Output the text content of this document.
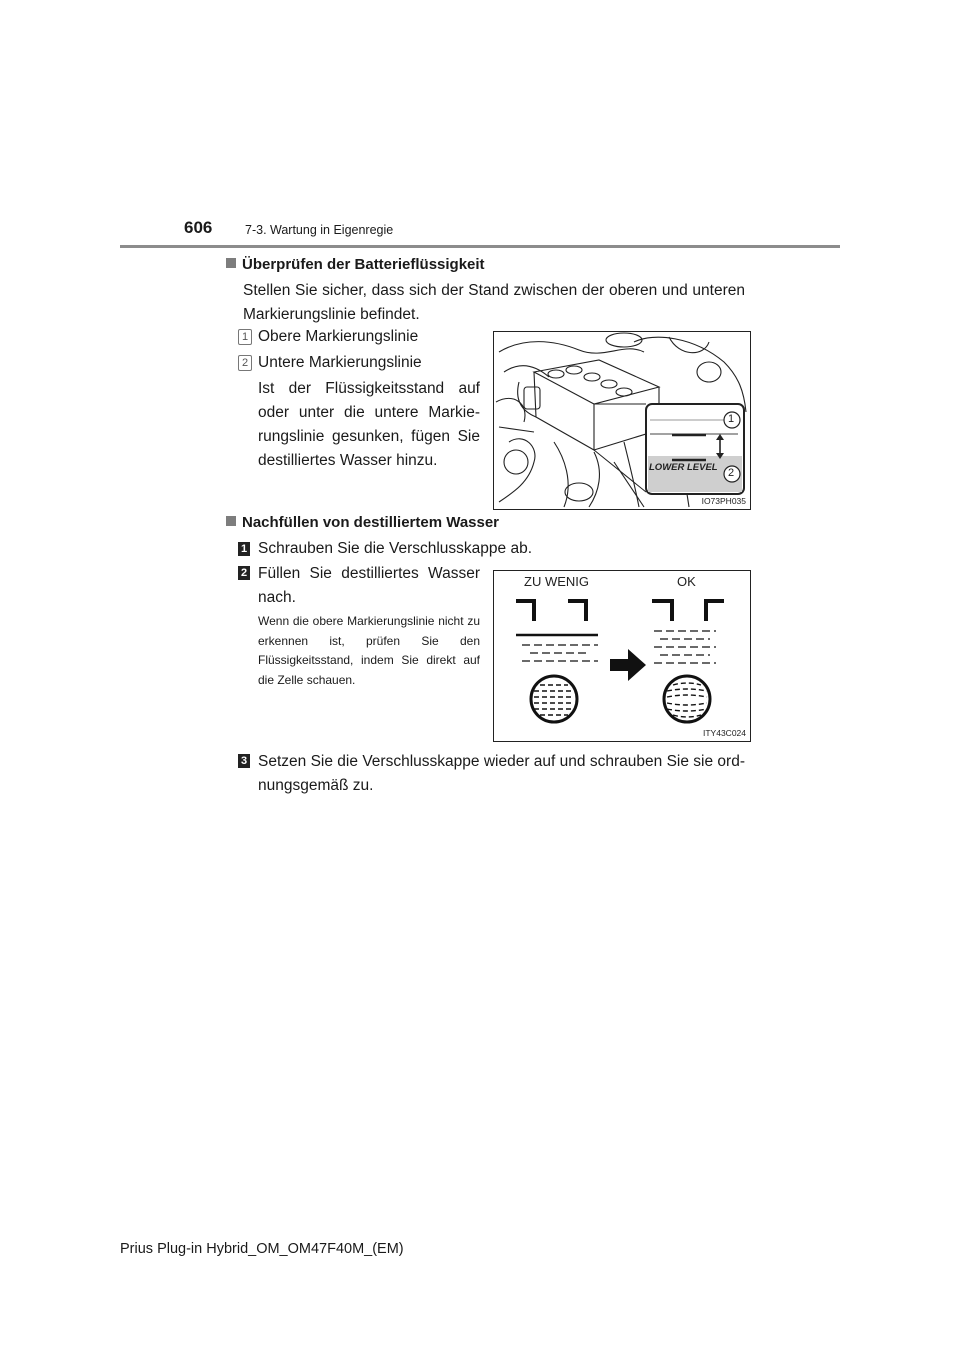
606	7-3. Wartung in Eigenregie
Überprüfen der Batterieflüssigkeit
Stellen Sie sicher, dass sich der Stand zwischen der oberen und unteren Markierungslinie befindet.
1 Obere Markierungslinie
2 Untere Markierungslinie
Ist der Flüssigkeitsstand auf oder unter die untere Markie-rungslinie gesunken, fügen Sie destilliertes Wasser hinzu.	LOWER LEVEL
1
2
IO73PH035
Nachfüllen von destilliertem Wasser
1 Schrauben Sie die Verschlusskappe ab.
2 Füllen Sie destilliertes Wasser nach.
Wenn die obere Markierungslinie nicht zu erkennen ist, prüfen Sie den Flüssigkeitsstand, indem Sie direkt auf die Zelle schauen.
ZU WENIG	OK
ITY43C024
3 Setzen Sie die Verschlusskappe wieder auf und schrauben Sie sie ord-nungsgemäß zu.
Prius Plug-in Hybrid_OM_OM47F40M_(EM)
